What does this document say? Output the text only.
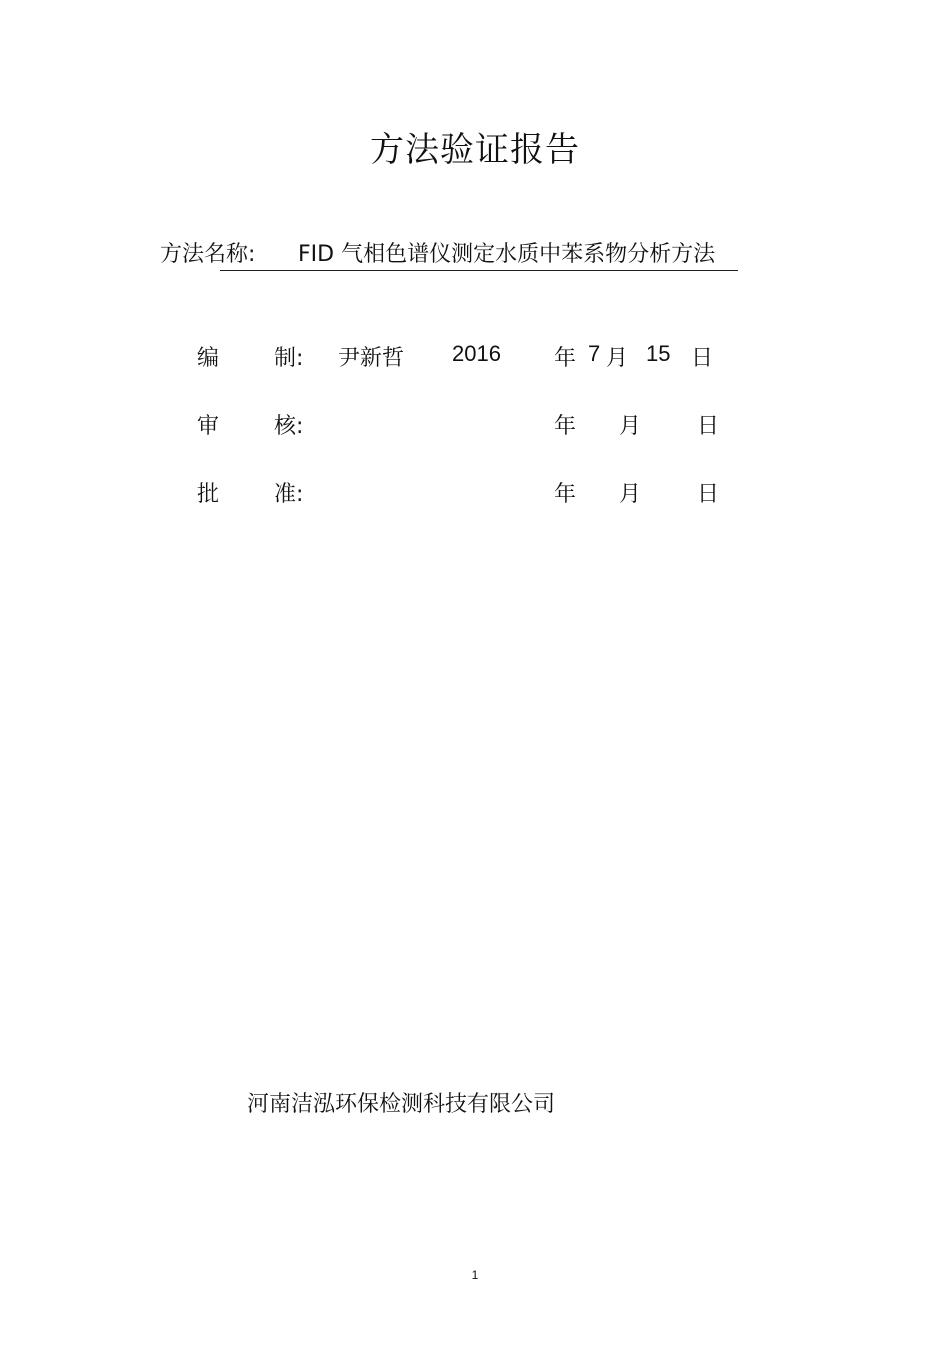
方法验证报告
方法名称: FID 气相色谱仪测定水质中苯系物分析方法
编 制: 尹新哲 2016 年 7 月 15 日
审 核:	年 月	日
批 准:	年 月	日
河南洁泓环保检测科技有限公司
1
